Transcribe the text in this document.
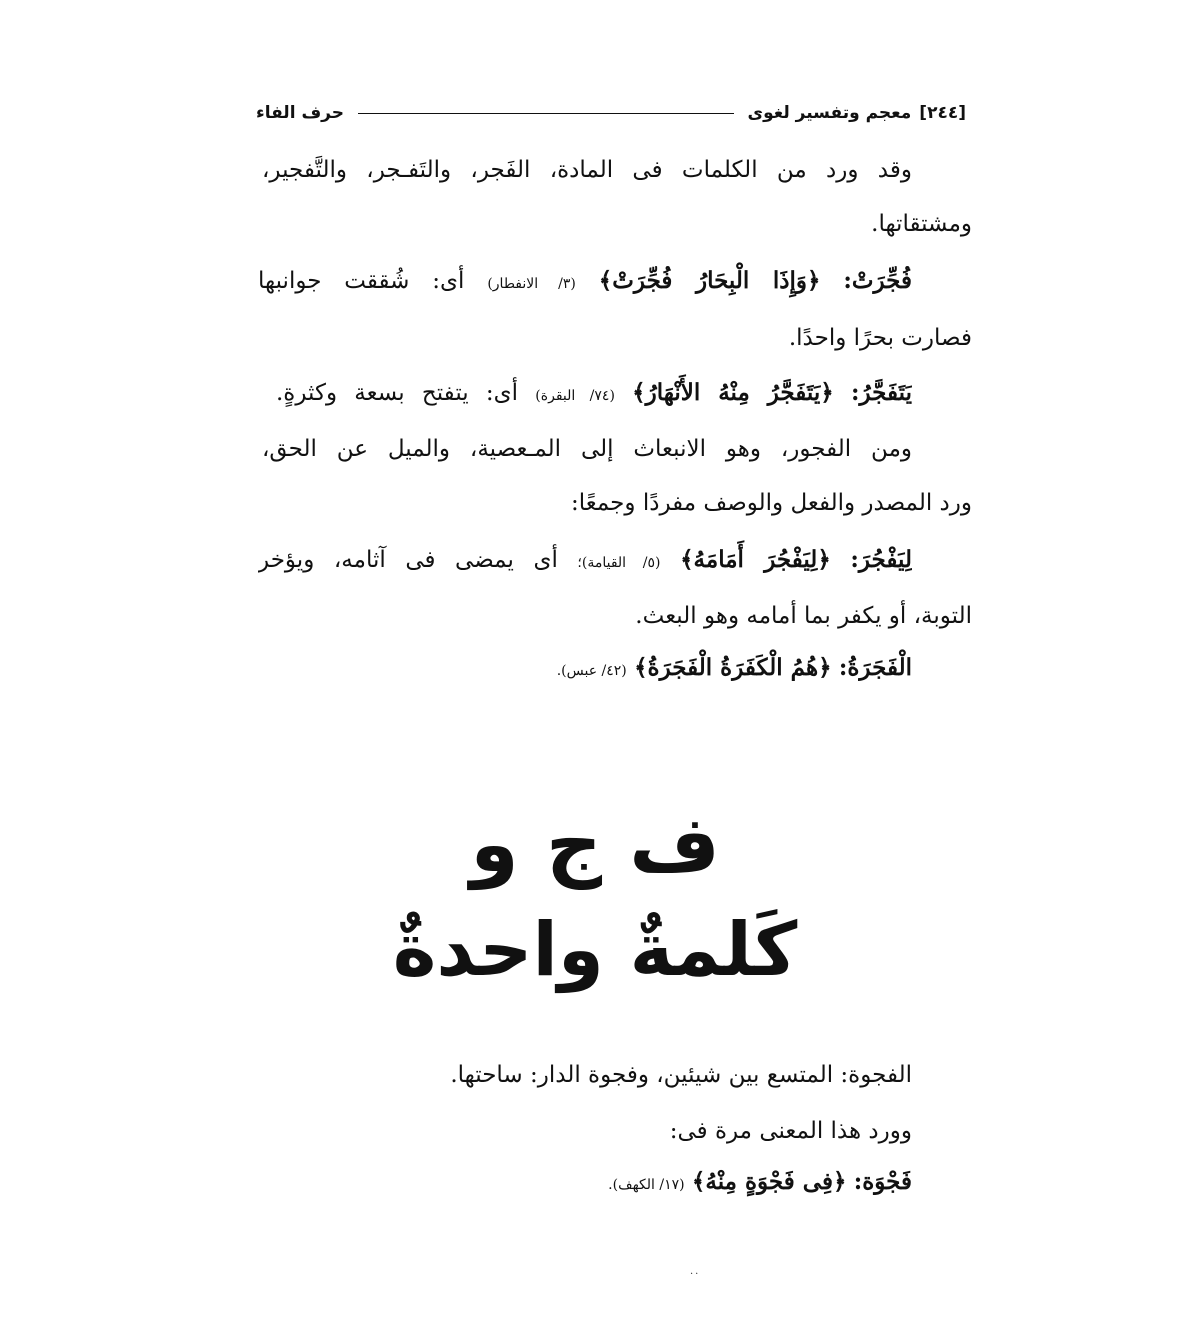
[٢٤٤]
معجم وتفسير لغوى
حرف الفاء
وقد ورد من الكلمات فى المادة، الفَجر، والتَفـجر، والتَّفجير،
ومشتقاتها.
فُجِّرَتْ: ﴿وَإِذَا الْبِحَارُ فُجِّرَتْ﴾ (٣/ الانفطار) أى: شُققت جوانبها
فصارت بحرًا واحدًا.
يَتَفَجَّرُ: ﴿يَتَفَجَّرُ مِنْهُ الأَنْهَارُ﴾ (٧٤/ البقرة) أى: يتفتح بسعة وكثرةٍ.
ومن الفجور، وهو الانبعاث إلى المـعصية، والميل عن الحق،
ورد المصدر والفعل والوصف مفردًا وجمعًا:
لِيَفْجُرَ: ﴿لِيَفْجُرَ أَمَامَهُ﴾ (٥/ القيامة)؛ أى يمضى فى آثامه، ويؤخر
التوبة، أو يكفر بما أمامه وهو البعث.
الْفَجَرَةُ: ﴿هُمُ الْكَفَرَةُ الْفَجَرَةُ﴾ (٤٢/ عبس).
ف ج و
كَلمةٌ واحدةٌ
الفجوة: المتسع بين شيئين، وفجوة الدار: ساحتها.
وورد هذا المعنى مرة فى:
فَجْوَة: ﴿فِى فَجْوَةٍ مِنْهُ﴾ (١٧/ الكهف).
..
